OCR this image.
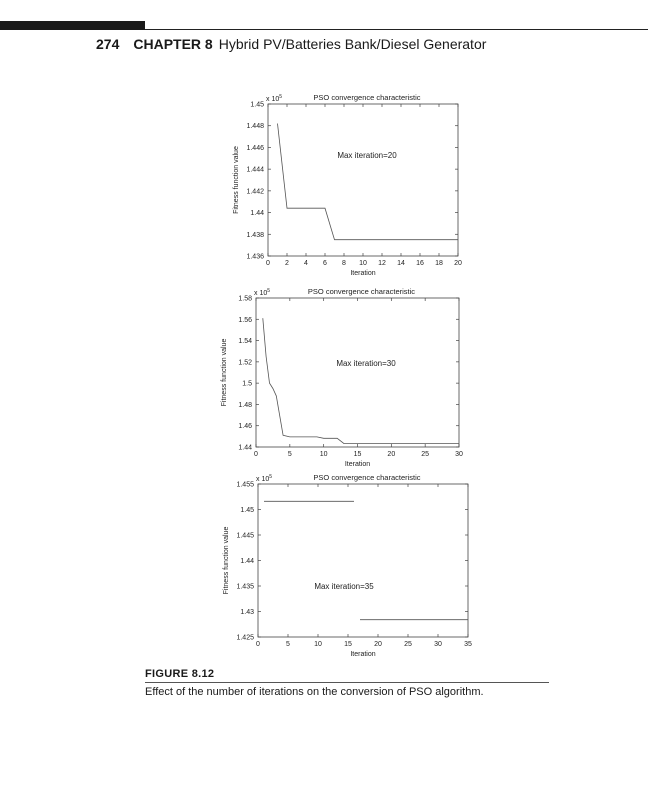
274 CHAPTER 8 Hybrid PV/Batteries Bank/Diesel Generator
0 2 4 6 8 10 12 14 16 18 20
1.436
1.438
1.44
1.442
1.444
1.446
1.448
1.45
x $10^5$	PSO convergence characteristic
Iteration
Fitness function value	Max iteration=20
0	5	10	15	20	25	30
1.44
1.46
1.48
1.5
1.52
1.54
1.56
1.58
x $10^5$	PSO convergence characteristic
Iteration
Fitness function value	Max iteration=30
0	5	10	15	20	25	30	35
1.425
1.43
1.435
1.44
1.445
1.45
1.455
x $10^5$	PSO convergence characteristic
Iteration
Fitness function value	Max iteration=35
FIGURE 8.12
Effect of the number of iterations on the conversion of PSO algorithm.
